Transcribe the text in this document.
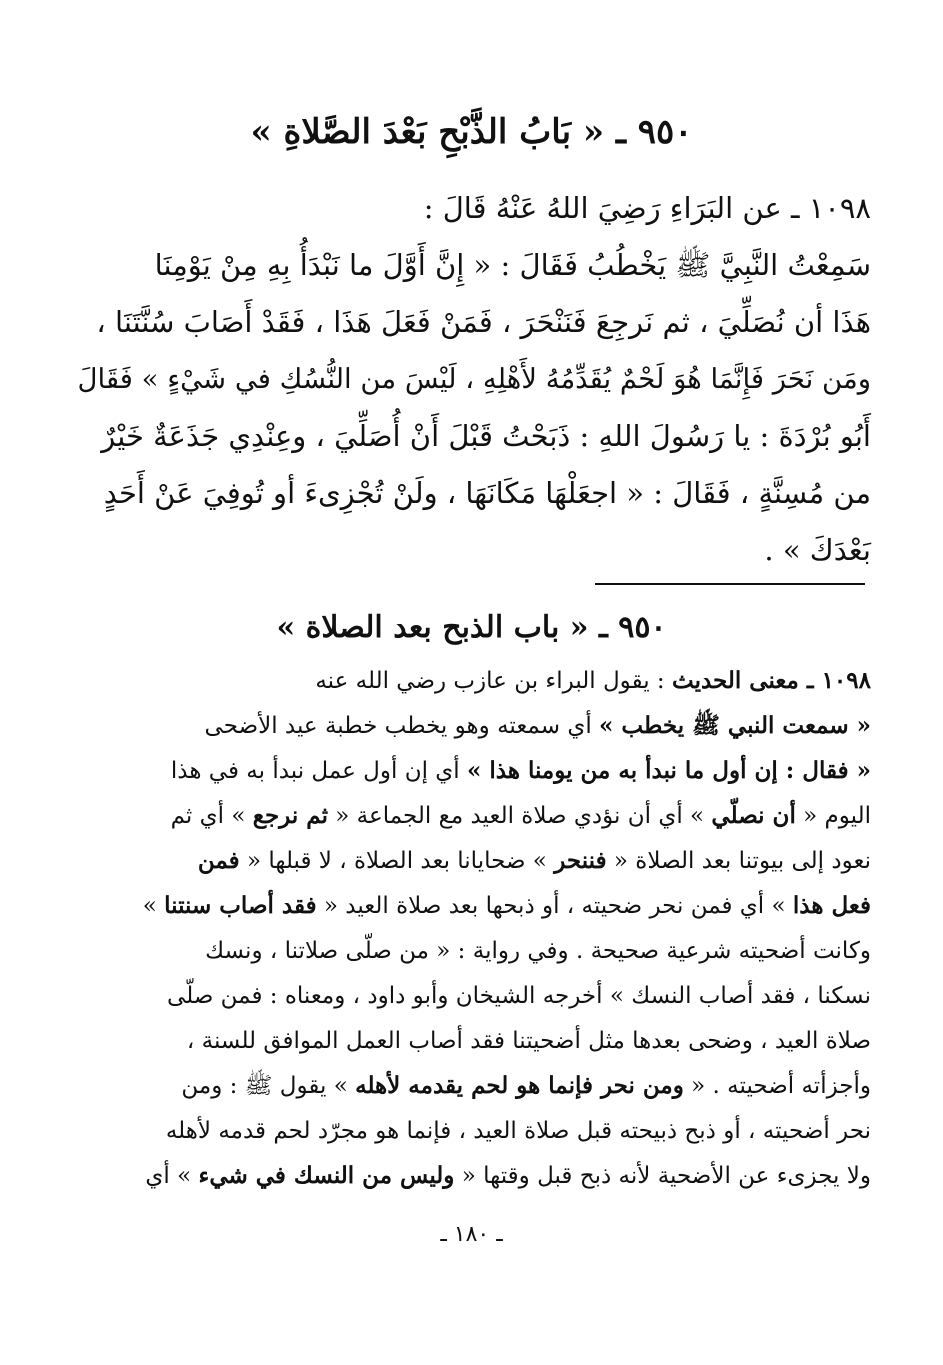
٩٥٠ ـ « بَابُ الذَّبْحِ بَعْدَ الصَّلاةِ »
١٠٩٨ ـ عن البَرَاءِ رَضِيَ اللهُ عَنْهُ قَالَ :
سَمِعْتُ النَّبِيَّ ﷺ يَخْطُبُ فَقَالَ : « إِنَّ أَوَّلَ ما نَبْدَأُ بِهِ مِنْ يَوْمِنَا
هَذَا أن نُصَلِّيَ ، ثم نَرجِعَ فَنَنْحَرَ ، فَمَنْ فَعَلَ هَذَا ، فَقَدْ أَصَابَ سُنَّتَنَا ،
ومَن نَحَرَ فَإِنَّمَا هُوَ لَحْمٌ يُقَدِّمُهُ لأَهْلِهِ ، لَيْسَ من النُّسُكِ في شَيْءٍ » فَقَالَ
أَبُو بُرْدَةَ : يا رَسُولَ اللهِ : ذَبَحْتُ قَبْلَ أَنْ أُصَلِّيَ ، وعِنْدِي جَذَعَةٌ خَيْرٌ
من مُسِنَّةٍ ، فَقَالَ : « اجعَلْهَا مَكَانَهَا ، ولَنْ تُجْزِىءَ أو تُوفِيَ عَنْ أَحَدٍ
بَعْدَكَ » .
٩٥٠ ـ « باب الذبح بعد الصلاة »
١٠٩٨ ـ معنى الحديث : يقول البراء بن عازب رضي الله عنه
« سمعت النبي ﷺ يخطب » أي سمعته وهو يخطب خطبة عيد الأضحى
« فقال : إن أول ما نبدأ به من يومنا هذا » أي إن أول عمل نبدأ به في هذا
اليوم « أن نصلّي » أي أن نؤدي صلاة العيد مع الجماعة « ثم نرجع » أي ثم
نعود إلى بيوتنا بعد الصلاة « فننحر » ضحايانا بعد الصلاة ، لا قبلها « فمن
فعل هذا » أي فمن نحر ضحيته ، أو ذبحها بعد صلاة العيد « فقد أصاب سنتنا »
وكانت أضحيته شرعية صحيحة . وفي رواية : « من صلّى صلاتنا ، ونسك
نسكنا ، فقد أصاب النسك » أخرجه الشيخان وأبو داود ، ومعناه : فمن صلّى
صلاة العيد ، وضحى بعدها مثل أضحيتنا فقد أصاب العمل الموافق للسنة ،
وأجزأته أضحيته . « ومن نحر فإنما هو لحم يقدمه لأهله » يقول ﷺ : ومن
نحر أضحيته ، أو ذبح ذبيحته قبل صلاة العيد ، فإنما هو مجرّد لحم قدمه لأهله
ولا يجزىء عن الأضحية لأنه ذبح قبل وقتها « وليس من النسك في شيء » أي
ـ ١٨٠ ـ
